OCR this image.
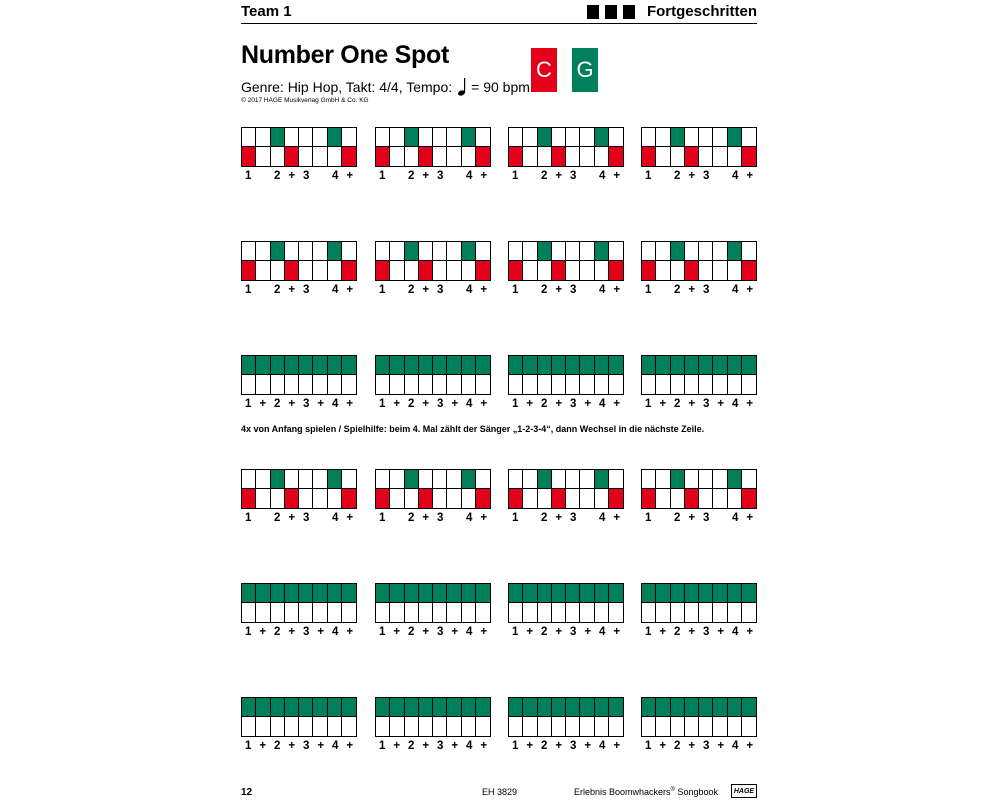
Team 1	Fortgeschritten
Number One Spot
Genre: Hip Hop, Takt: 4/4, Tempo: = 90 bpm
© 2017 HAGE Musikverlag GmbH & Co. KG
C G
1	2 + 3	4 +	1	2 + 3	4 +	1	2 + 3	4 +	1	2 + 3	4 +
1	2 + 3	4 +	1	2 + 3	4 +	1	2 + 3	4 +	1	2 + 3	4 +
1 + 2 + 3 + 4 +	1 + 2 + 3 + 4 +	1 + 2 + 3 + 4 +	1 + 2 + 3 + 4 +
1	2 + 3	4 +	1	2 + 3	4 +	1	2 + 3	4 +	1	2 + 3	4 +
1 + 2 + 3 + 4 +	1 + 2 + 3 + 4 +	1 + 2 + 3 + 4 +	1 + 2 + 3 + 4 +
1 + 2 + 3 + 4 +	1 + 2 + 3 + 4 +	1 + 2 + 3 + 4 +	1 + 2 + 3 + 4 +
4x von Anfang spielen / Spielhilfe: beim 4. Mal zählt der Sänger „1-2-3-4“, dann Wechsel in die nächste Zeile.
12	EH 3829	Erlebnis Boomwhackers® Songbook	HAGE
